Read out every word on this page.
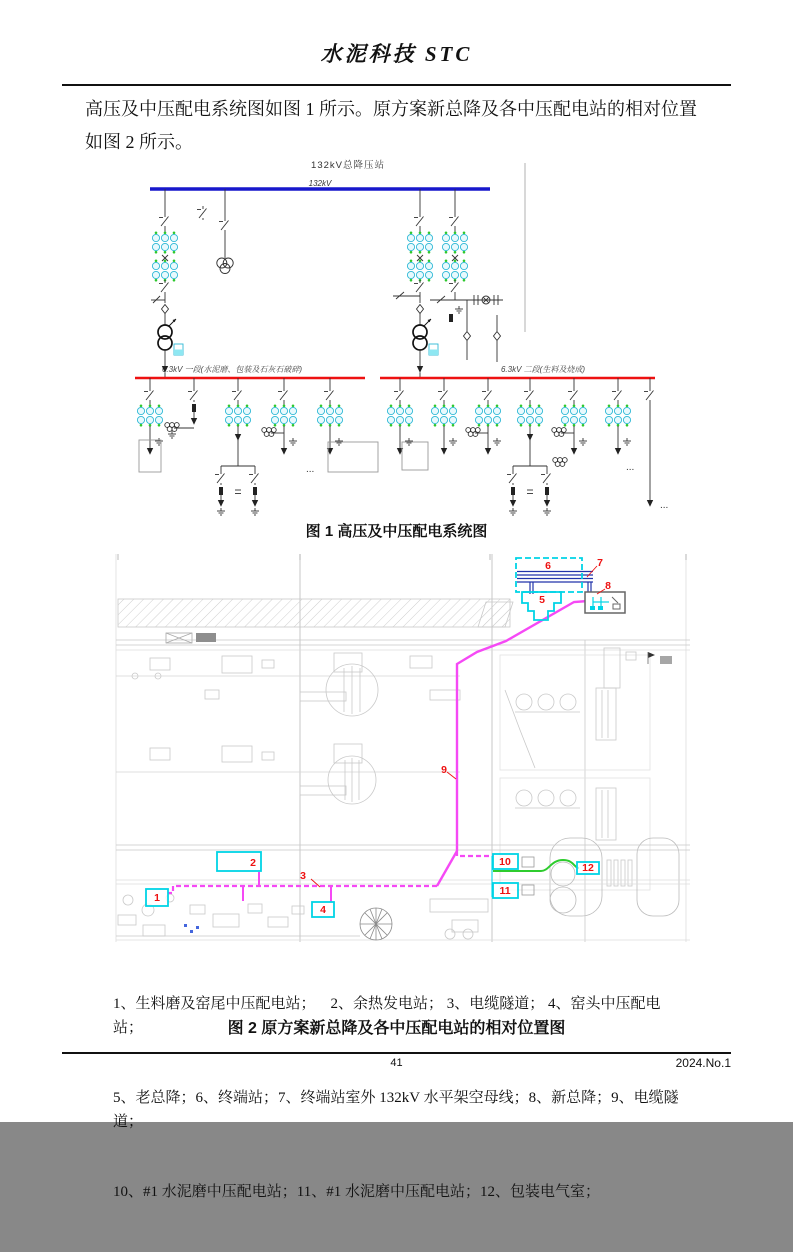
水泥科技 STC
高压及中压配电系统图如图 1 所示。原方案新总降及各中压配电站的相对位置
如图 2 所示。
132kV总降压站
132kV
6.3kV 一段(水泥磨、包装及石灰石破碎)	6.3kV 二段(生料及烧成)
...	...
...
图 1 高压及中压配电系统图
1
2
3
4
5
6	7
8
9
10
11
12

1、生料磨及窑尾中压配电站；    2、余热发电站； 3、电缆隧道； 4、窑头中压配电站；

5、老总降；6、终端站；7、终端站室外 132kV 水平架空母线；8、新总降；9、电缆隧道；

10、#1 水泥磨中压配电站；11、#1 水泥磨中压配电站；12、包装电气室；

图 2 原方案新总降及各中压配电站的相对位置图
41	2024.No.1
